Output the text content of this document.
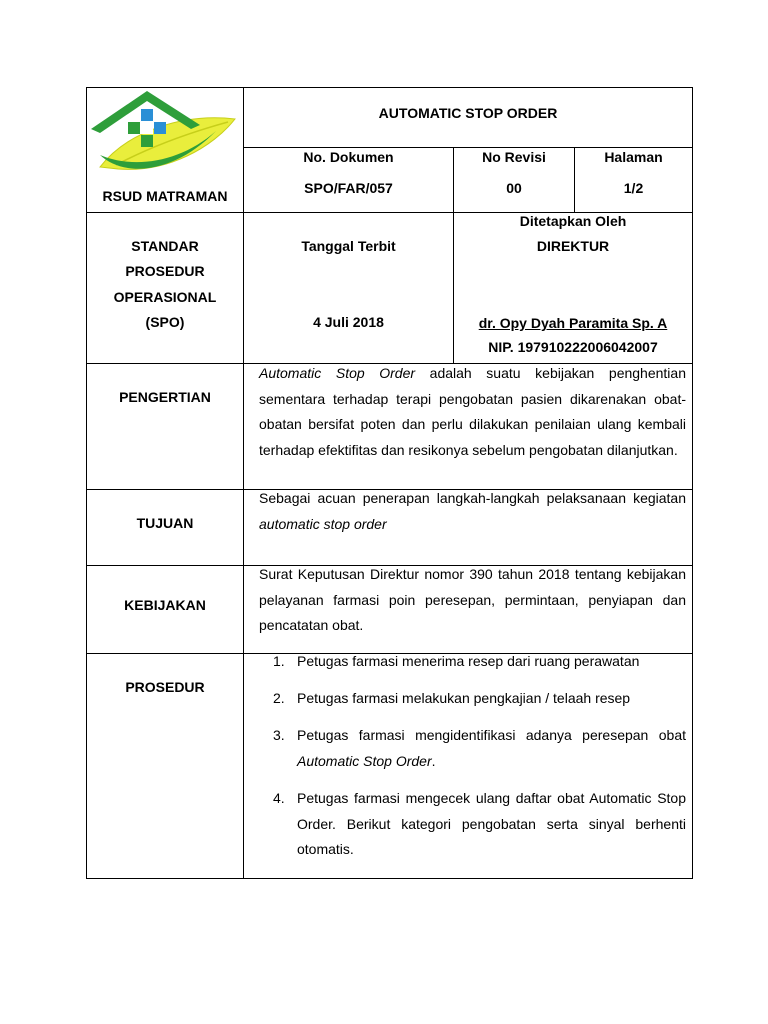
RSUD MATRAMAN
AUTOMATIC STOP ORDER
No. Dokumen
SPO/FAR/057
No Revisi
00
Halaman
1/2
STANDAR
PROSEDUR
OPERASIONAL
(SPO)
Tanggal Terbit
4 Juli 2018
Ditetapkan Oleh
DIREKTUR
dr. Opy Dyah Paramita Sp. A
NIP. 197910222006042007
PENGERTIAN
Automatic Stop Order adalah suatu kebijakan penghentian sementara terhadap terapi pengobatan pasien dikarenakan obat-obatan bersifat poten dan perlu dilakukan penilaian ulang kembali terhadap efektifitas dan resikonya sebelum pengobatan dilanjutkan.
TUJUAN
Sebagai acuan penerapan langkah-langkah pelaksanaan kegiatan automatic stop order
KEBIJAKAN
Surat Keputusan Direktur nomor 390 tahun 2018 tentang kebijakan pelayanan farmasi poin peresepan, permintaan, penyiapan dan pencatatan obat.
PROSEDUR
1. Petugas farmasi menerima resep dari ruang perawatan
2. Petugas farmasi melakukan pengkajian / telaah resep
3. Petugas farmasi mengidentifikasi adanya peresepan obat Automatic Stop Order.
4. Petugas farmasi mengecek ulang daftar obat Automatic Stop Order. Berikut kategori pengobatan serta sinyal berhenti otomatis.
